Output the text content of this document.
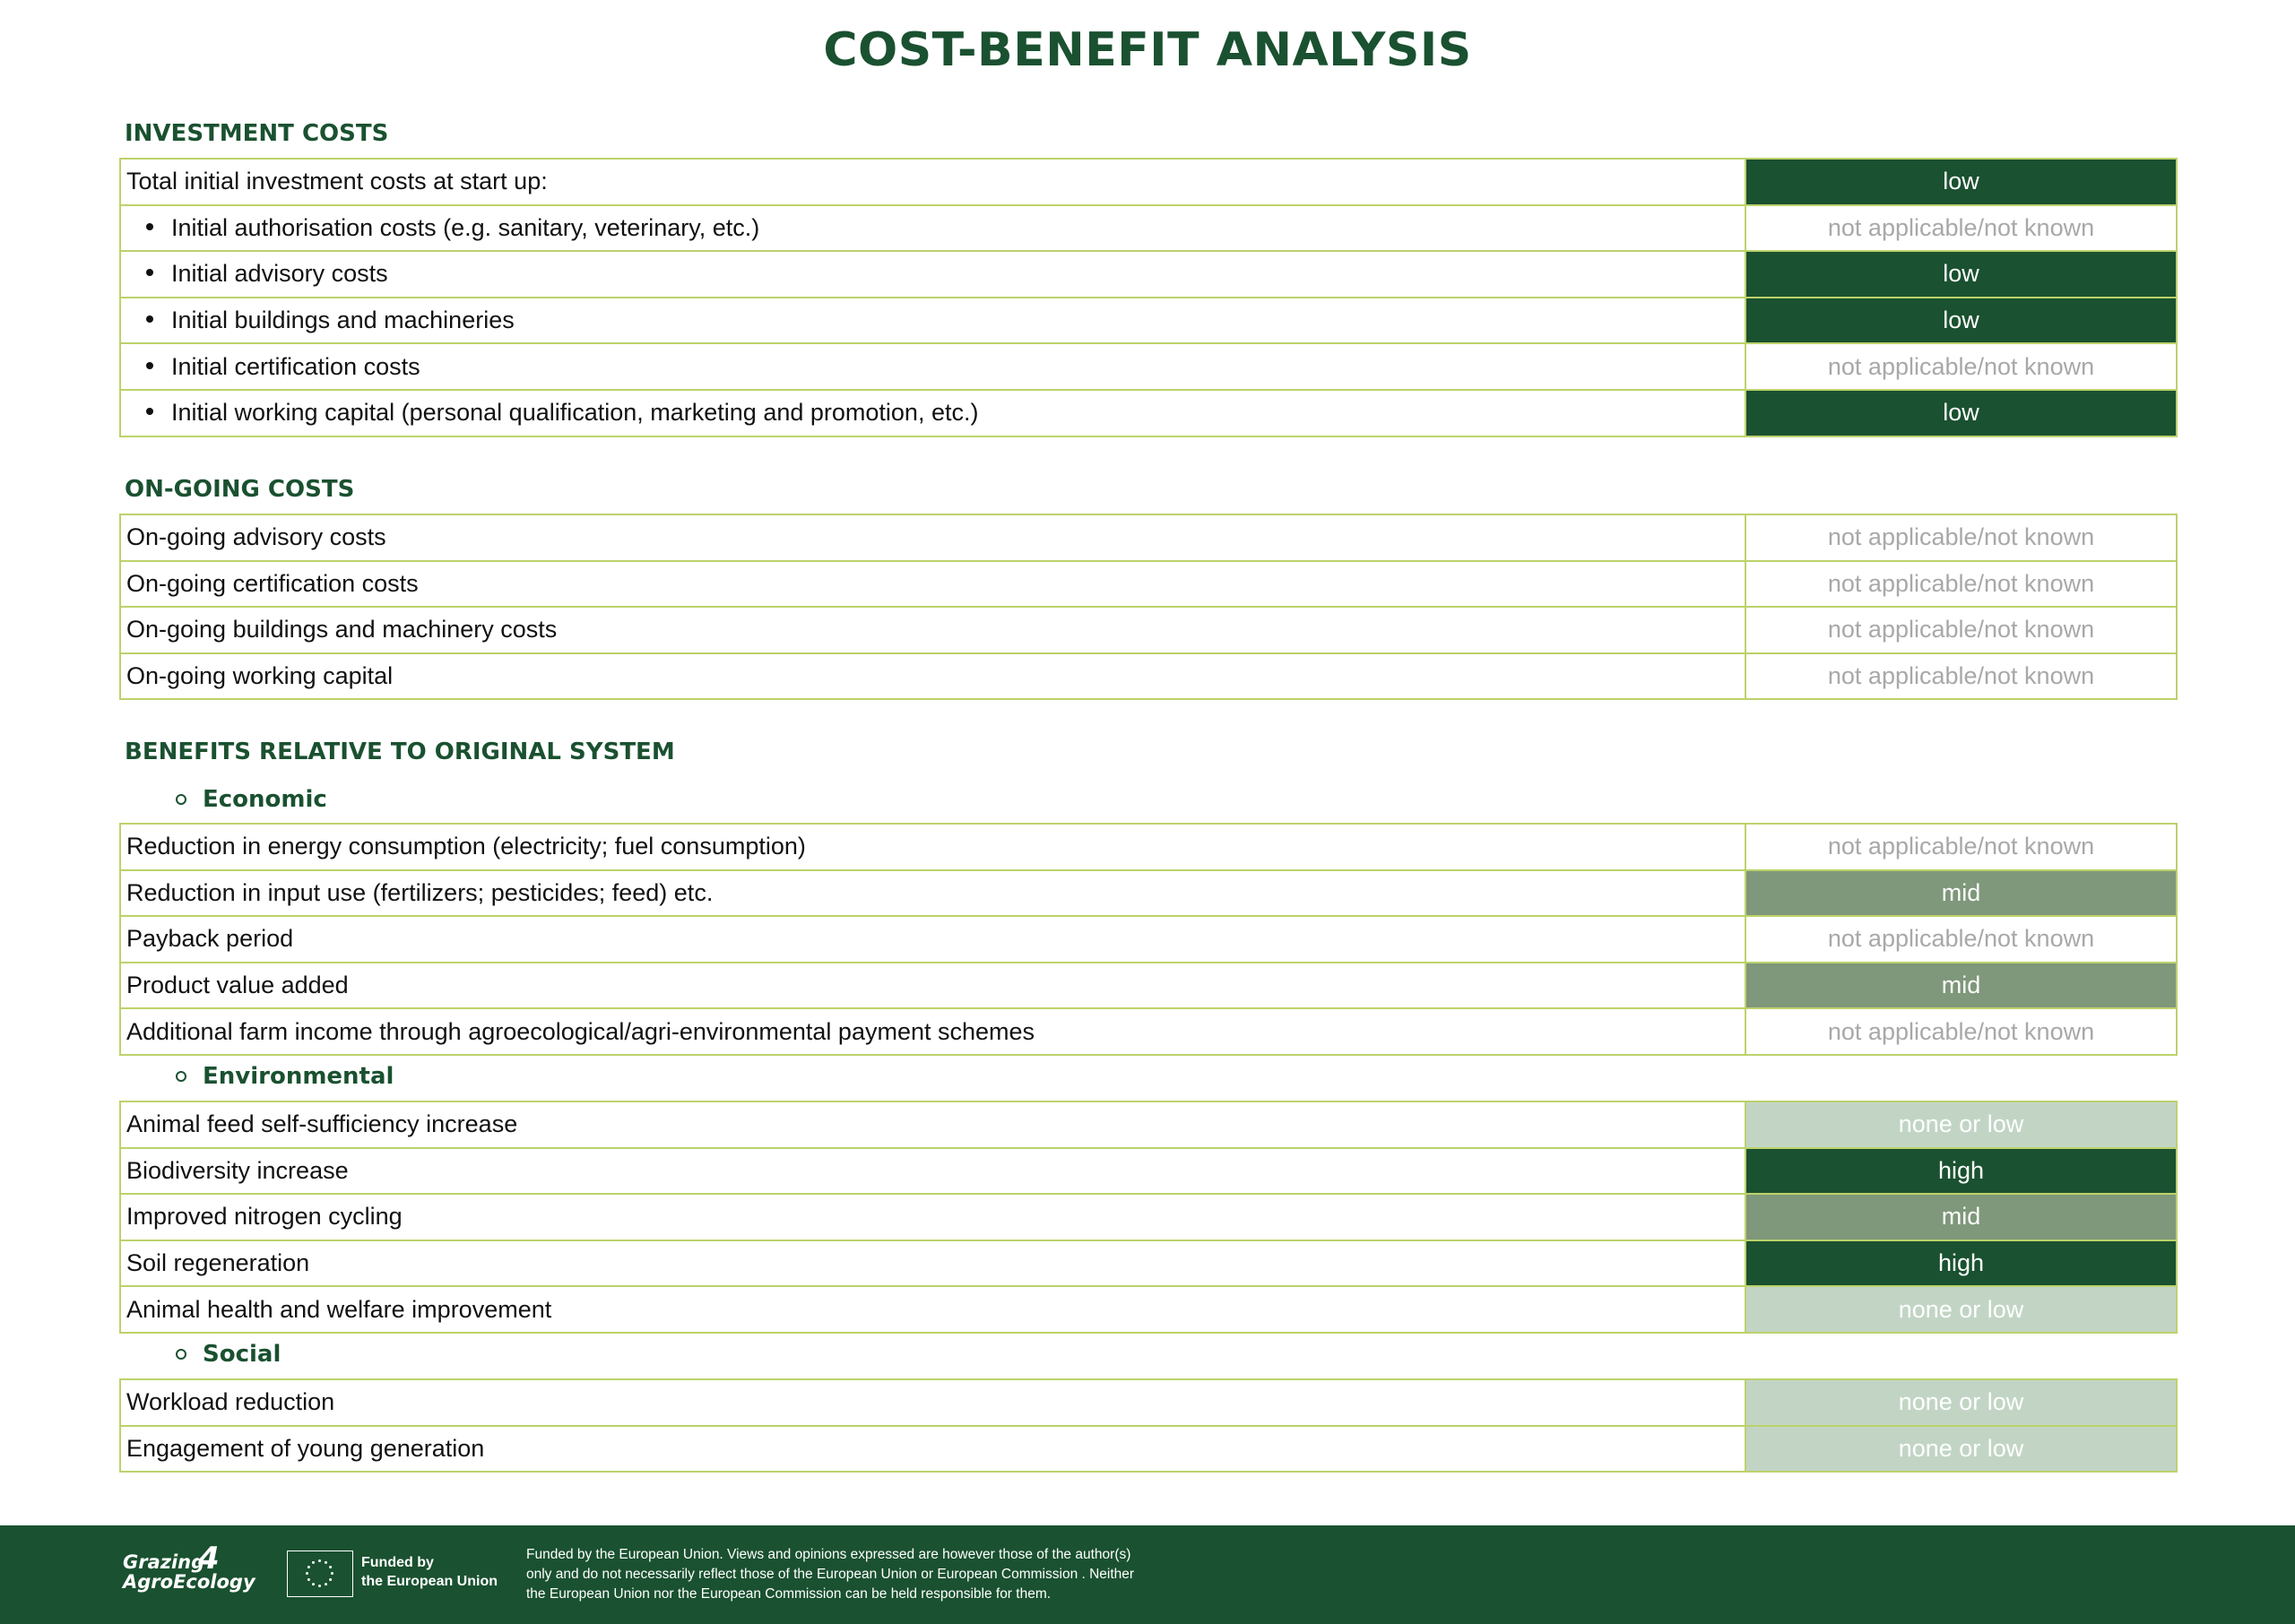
COST-BENEFIT ANALYSIS
INVESTMENT COSTS
Total initial investment costs at start up:	low
Initial authorisation costs (e.g. sanitary, veterinary, etc.)	not applicable/not known
Initial advisory costs	low
Initial buildings and machineries	low
Initial certification costs	not applicable/not known
Initial working capital (personal qualification, marketing and promotion, etc.)	low
ON-GOING COSTS
On-going advisory costs	not applicable/not known
On-going certification costs	not applicable/not known
On-going buildings and machinery costs	not applicable/not known
On-going working capital	not applicable/not known
BENEFITS RELATIVE TO ORIGINAL SYSTEM
Economic
Reduction in energy consumption (electricity; fuel consumption)	not applicable/not known
Reduction in input use (fertilizers; pesticides; feed) etc.	mid
Payback period	not applicable/not known
Product value added	mid
Additional farm income through agroecological/agri-environmental payment schemes	not applicable/not known
Environmental
Animal feed self-sufficiency increase	none or low
Biodiversity increase	high
Improved nitrogen cycling	mid
Soil regeneration	high
Animal health and welfare improvement	none or low
Social
Workload reduction	none or low
Engagement of young generation	none or low
Grazing
4

AgroEcology
Funded by
the European Union
Funded by the European Union. Views and opinions expressed are however those of the author(s)
only and do not necessarily reflect those of the European Union or European Commission . Neither
the European Union nor the European Commission can be held responsible for them.
